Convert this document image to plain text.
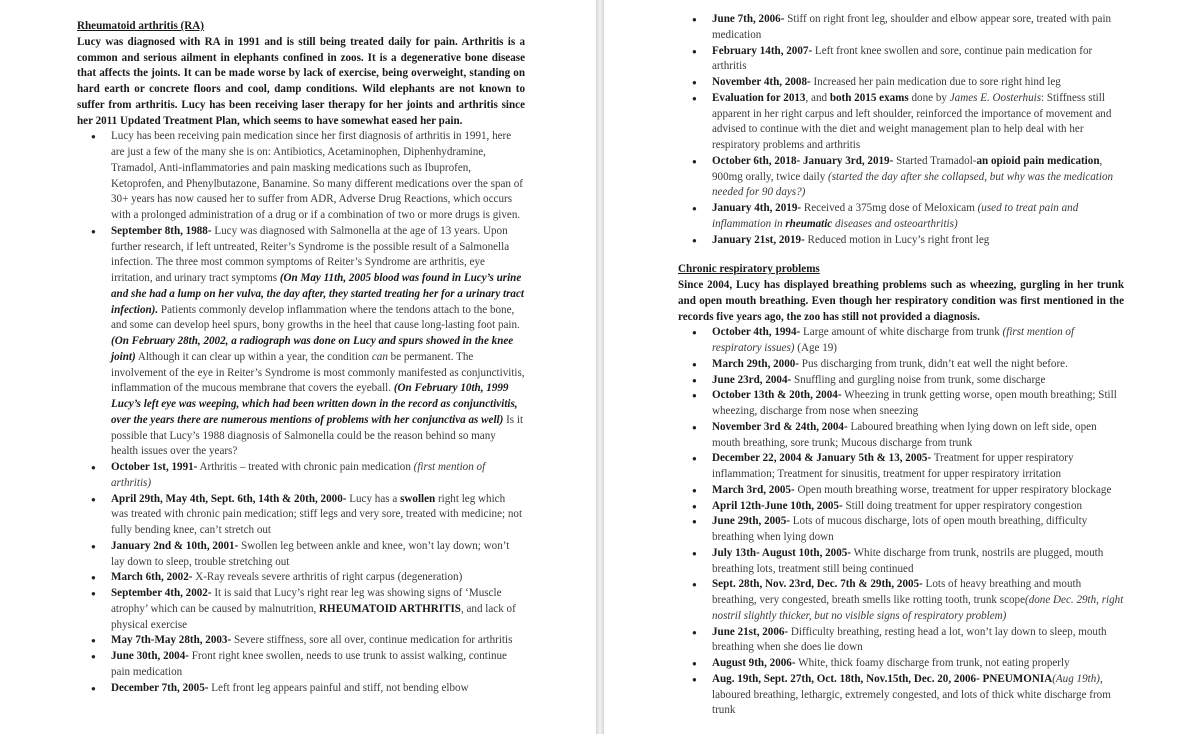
Rheumatoid arthritis (RA)

Lucy was diagnosed with RA in 1991 and is still being treated daily for pain. Arthritis is a common and serious ailment in elephants confined in zoos. It is a degenerative bone disease that affects the joints. It can be made worse by lack of exercise, being overweight, standing on hard earth or concrete floors and cool, damp conditions. Wild elephants are not known to suffer from arthritis. Lucy has been receiving laser therapy for her joints and arthritis since her 2011 Updated Treatment Plan, which seems to have somewhat eased her pain.

● Lucy has been receiving pain medication since her first diagnosis of arthritis in 1991, here are just a few of the many she is on: Antibiotics, Acetaminophen, Diphenhydramine, Tramadol, Anti-inflammatories and pain masking medications such as Ibuprofen, Ketoprofen, and Phenylbutazone, Banamine. So many different medications over the span of 30+ years has now caused her to suffer from ADR, Adverse Drug Reactions, which occurs with a prolonged administration of a drug or if a combination of two or more drugs is given.
● September 8th, 1988- Lucy was diagnosed with Salmonella at the age of 13 years. Upon further research, if left untreated, Reiter’s Syndrome is the possible result of a Salmonella infection. The three most common symptoms of Reiter’s Syndrome are arthritis, eye irritation, and urinary tract symptoms (On May 11th, 2005 blood was found in Lucy’s urine and she had a lump on her vulva, the day after, they started treating her for a urinary tract infection). Patients commonly develop inflammation where the tendons attach to the bone, and some can develop heel spurs, bony growths in the heel that cause long-lasting foot pain. (On February 28th, 2002, a radiograph was done on Lucy and spurs showed in the knee joint) Although it can clear up within a year, the condition can be permanent. The involvement of the eye in Reiter’s Syndrome is most commonly manifested as conjunctivitis, inflammation of the mucous membrane that covers the eyeball. (On February 10th, 1999 Lucy’s left eye was weeping, which had been written down in the record as conjunctivitis, over the years there are numerous mentions of problems with her conjunctiva as well) Is it possible that Lucy’s 1988 diagnosis of Salmonella could be the reason behind so many health issues over the years?
● October 1st, 1991- Arthritis – treated with chronic pain medication (first mention of arthritis)
● April 29th, May 4th, Sept. 6th, 14th & 20th, 2000- Lucy has a swollen right leg which was treated with chronic pain medication; stiff legs and very sore, treated with medicine; not fully bending knee, can’t stretch out
● January 2nd & 10th, 2001- Swollen leg between ankle and knee, won’t lay down; won’t lay down to sleep, trouble stretching out
● March 6th, 2002- X-Ray reveals severe arthritis of right carpus (degeneration)
● September 4th, 2002- It is said that Lucy’s right rear leg was showing signs of ‘Muscle atrophy’ which can be caused by malnutrition, RHEUMATOID ARTHRITIS, and lack of physical exercise
● May 7th-May 28th, 2003- Severe stiffness, sore all over, continue medication for arthritis
● June 30th, 2004- Front right knee swollen, needs to use trunk to assist walking, continue pain medication
● December 7th, 2005- Left front leg appears painful and stiff, not bending elbow
● June 7th, 2006- Stiff on right front leg, shoulder and elbow appear sore, treated with pain medication
● February 14th, 2007- Left front knee swollen and sore, continue pain medication for arthritis
● November 4th, 2008- Increased her pain medication due to sore right hind leg
● Evaluation for 2013, and both 2015 exams done by James E. Oosterhuis: Stiffness still apparent in her right carpus and left shoulder, reinforced the importance of movement and advised to continue with the diet and weight management plan to help deal with her respiratory problems and arthritis
● October 6th, 2018- January 3rd, 2019- Started Tramadol-an opioid pain medication, 900mg orally, twice daily (started the day after she collapsed, but why was the medication needed for 90 days?)
● January 4th, 2019- Received a 375mg dose of Meloxicam (used to treat pain and inflammation in rheumatic diseases and osteoarthritis)
● January 21st, 2019- Reduced motion in Lucy’s right front leg

Chronic respiratory problems

Since 2004, Lucy has displayed breathing problems such as wheezing, gurgling in her trunk and open mouth breathing. Even though her respiratory condition was first mentioned in the records five years ago, the zoo has still not provided a diagnosis.

● October 4th, 1994- Large amount of white discharge from trunk (first mention of respiratory issues) (Age 19)
● March 29th, 2000- Pus discharging from trunk, didn’t eat well the night before.
● June 23rd, 2004- Snuffling and gurgling noise from trunk, some discharge
● October 13th & 20th, 2004- Wheezing in trunk getting worse, open mouth breathing; Still wheezing, discharge from nose when sneezing
● November 3rd & 24th, 2004- Laboured breathing when lying down on left side, open mouth breathing, sore trunk; Mucous discharge from trunk
● December 22, 2004 & January 5th & 13, 2005- Treatment for upper respiratory inflammation; Treatment for sinusitis, treatment for upper respiratory irritation
● March 3rd, 2005- Open mouth breathing worse, treatment for upper respiratory blockage
● April 12th-June 10th, 2005- Still doing treatment for upper respiratory congestion
● June 29th, 2005- Lots of mucous discharge, lots of open mouth breathing, difficulty breathing when lying down
● July 13th- August 10th, 2005- White discharge from trunk, nostrils are plugged, mouth breathing lots, treatment still being continued
● Sept. 28th, Nov. 23rd, Dec. 7th & 29th, 2005- Lots of heavy breathing and mouth breathing, very congested, breath smells like rotting tooth, trunk scope(done Dec. 29th, right nostril slightly thicker, but no visible signs of respiratory problem)
● June 21st, 2006- Difficulty breathing, resting head a lot, won’t lay down to sleep, mouth breathing when she does lie down
● August 9th, 2006- White, thick foamy discharge from trunk, not eating properly
● Aug. 19th, Sept. 27th, Oct. 18th, Nov.15th, Dec. 20, 2006- PNEUMONIA(Aug 19th), laboured breathing, lethargic, extremely congested, and lots of thick white discharge from trunk
